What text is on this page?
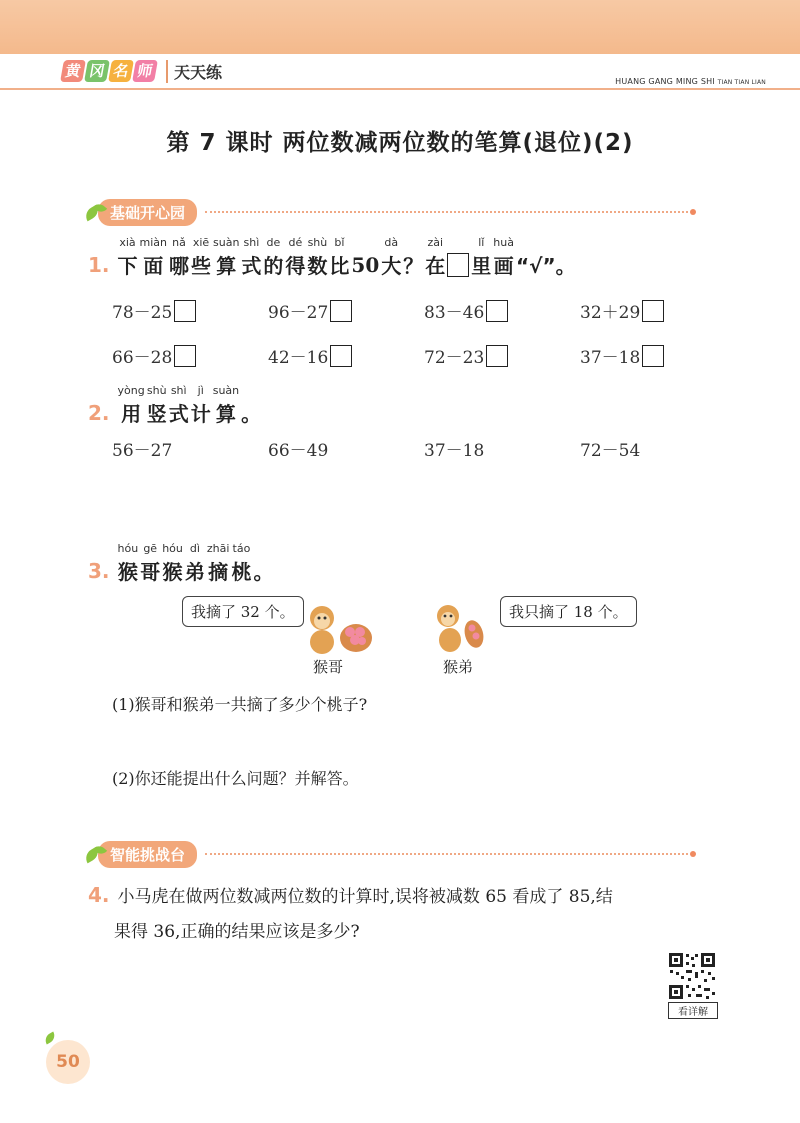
黄 冈 名 师	天天练	HUANG GANG MING SHI TIAN TIAN LIAN
第 7 课时 两位数减两位数的笔算(退位)(2)
基础开心园
1.
xià
下
miàn
面
nǎ
哪
xiē
些
suàn
算
shì
式
de
的
dé
得
shù
数
bǐ
比 50
dà
大 ？
zài
在
lǐ
里
huà
画 “√”。
78－25	96－27	83－46	32＋29
66－28	42－16	72－23	37－18
2.
yòng
用
shù
竖
shì
式
jì
计
suàn
算 。
56－27	66－49	37－18	72－54
3.
hóu
猴
gē
哥
hóu
猴
dì
弟
zhāi
摘
táo
桃 。
我摘了 32 个。	我只摘了 18 个。
猴哥	猴弟
(1)猴哥和猴弟一共摘了多少个桃子?
(2)你还能提出什么问题？并解答。
智能挑战台
4. 小马虎在做两位数减两位数的计算时,误将被减数 65 看成了 85,结
果得 36,正确的结果应该是多少?
看详解
50
